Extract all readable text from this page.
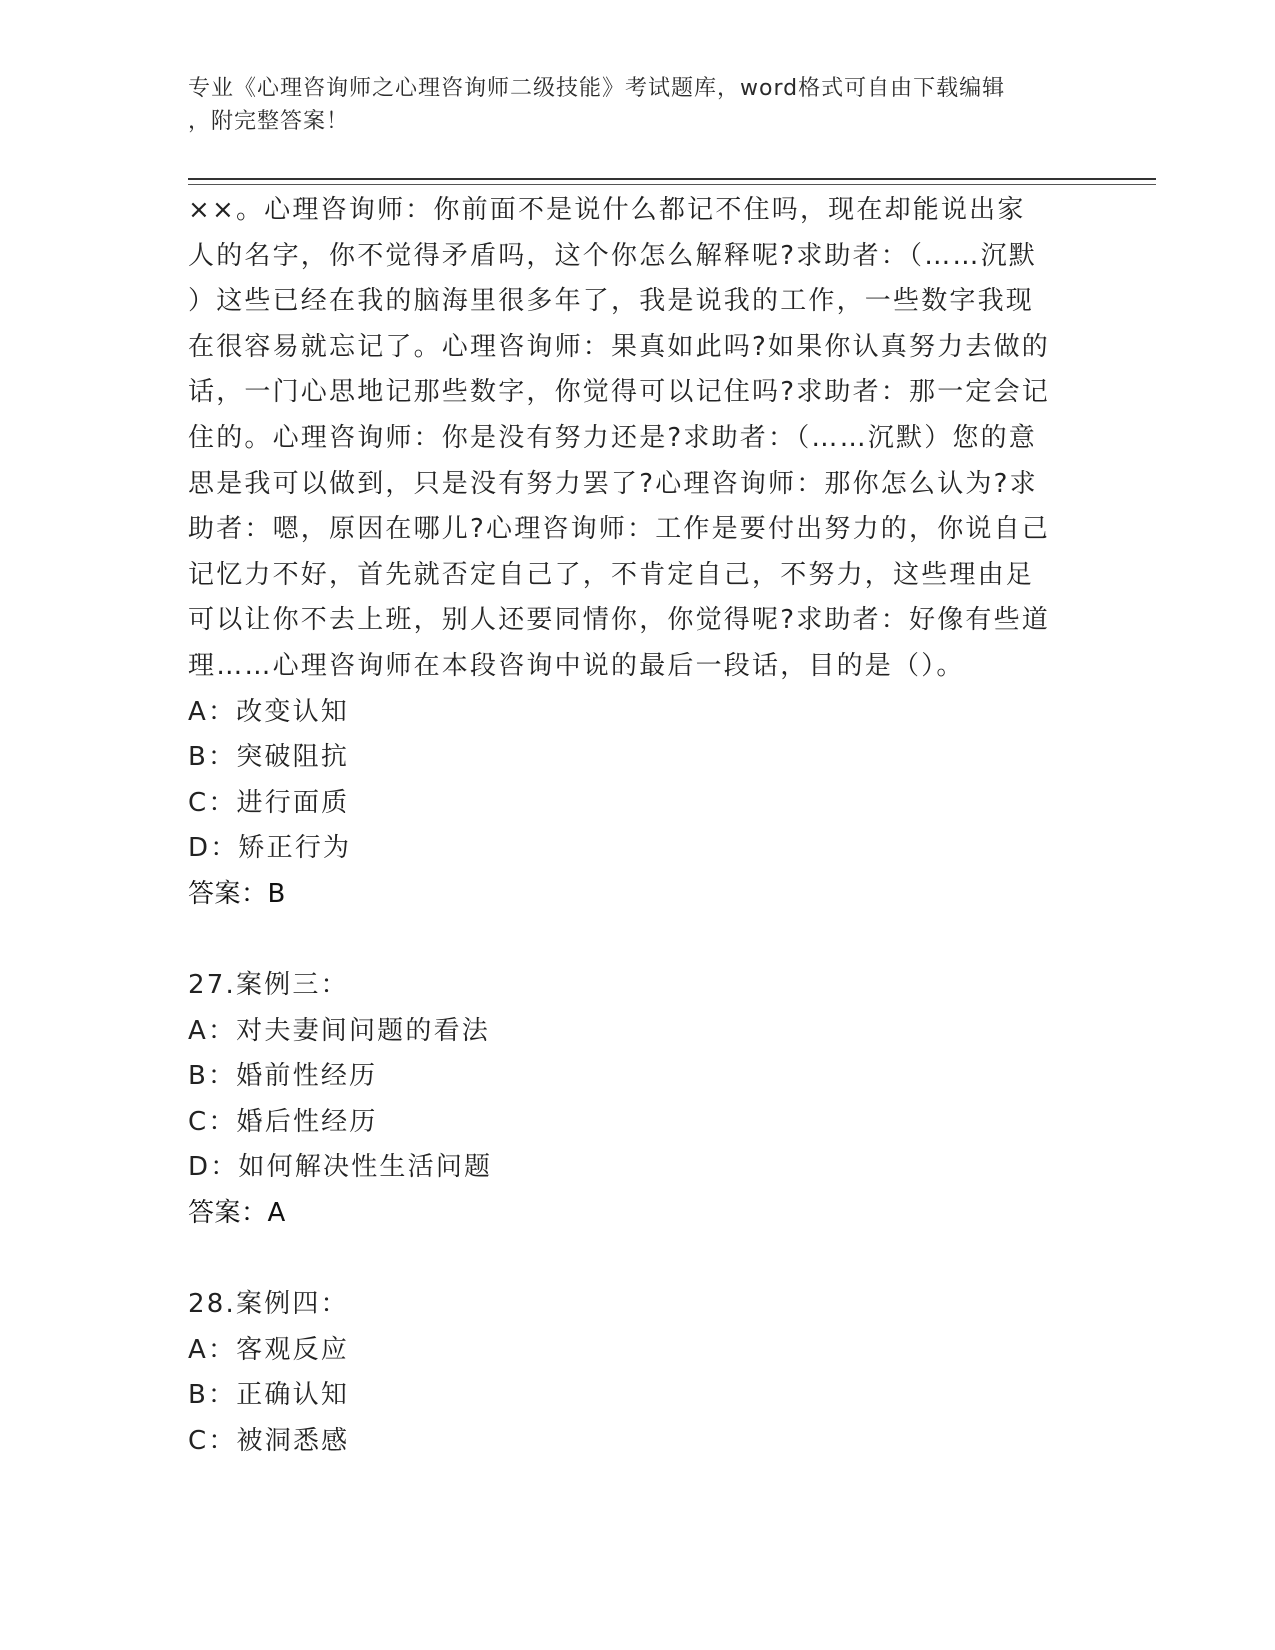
专业《心理咨询师之心理咨询师二级技能》考试题库，word格式可自由下载编辑
，附完整答案！

××。心理咨询师：你前面不是说什么都记不住吗，现在却能说出家

人的名字，你不觉得矛盾吗，这个你怎么解释呢?求助者：（……沉默

）这些已经在我的脑海里很多年了，我是说我的工作，一些数字我现

在很容易就忘记了。心理咨询师：果真如此吗?如果你认真努力去做的

话，一门心思地记那些数字，你觉得可以记住吗?求助者：那一定会记

住的。心理咨询师：你是没有努力还是?求助者：（……沉默）您的意

思是我可以做到，只是没有努力罢了?心理咨询师：那你怎么认为?求

助者：嗯，原因在哪儿?心理咨询师：工作是要付出努力的，你说自己

记忆力不好，首先就否定自己了，不肯定自己，不努力，这些理由足

可以让你不去上班，别人还要同情你，你觉得呢?求助者：好像有些道

理……心理咨询师在本段咨询中说的最后一段话，目的是（）。

A：改变认知

B：突破阻抗

C：进行面质

D：矫正行为

答案：B

27.案例三：

A：对夫妻间问题的看法

B：婚前性经历

C：婚后性经历

D：如何解决性生活问题

答案：A

28.案例四：

A：客观反应

B：正确认知

C：被洞悉感
